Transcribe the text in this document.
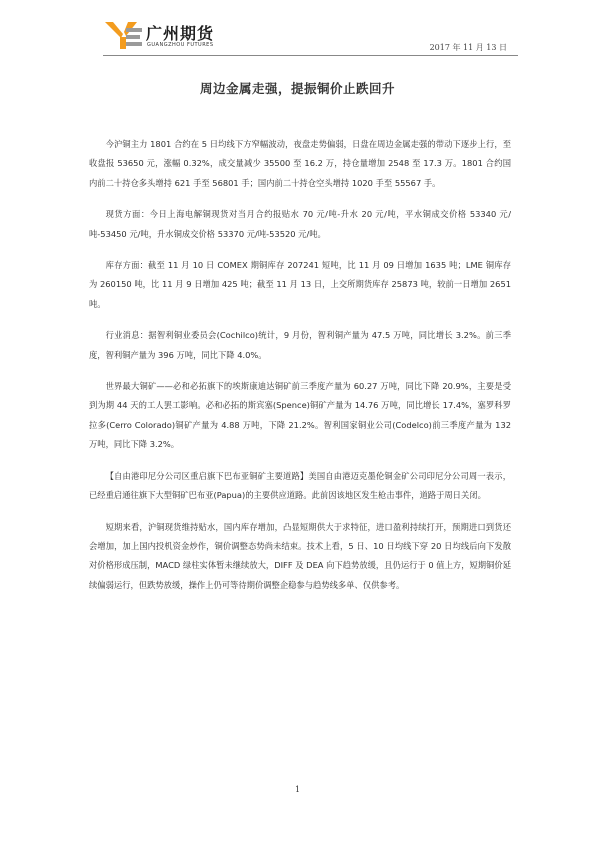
广州期货
GUANGZHOU FUTURES	2017 年 11 月 13 日
周边金属走强，提振铜价止跌回升

今沪铜主力 1801 合约在 5 日均线下方窄幅波动，夜盘走势偏弱，日盘在周边金属走强的带动下逐步上行，至收盘报 53650 元，涨幅 0.32%，成交量减少 35500 至 16.2 万，持仓量增加 2548 至 17.3 万。1801 合约国内前二十持仓多头增持 621 手至 56801 手；国内前二十持仓空头增持 1020 手至 55567 手。

现货方面：今日上海电解铜现货对当月合约报贴水 70 元/吨-升水 20 元/吨，平水铜成交价格 53340 元/吨-53450 元/吨，升水铜成交价格 53370 元/吨-53520 元/吨。

库存方面：截至 11 月 10 日 COMEX 期铜库存 207241 短吨，比 11 月 09 日增加 1635 吨；LME 铜库存为 260150 吨，比 11 月 9 日增加 425 吨；截至 11 月 13 日，上交所期货库存 25873 吨，较前一日增加 2651 吨。

行业消息：据智利铜业委员会(Cochilco)统计，9 月份，智利铜产量为 47.5 万吨，同比增长 3.2%。前三季度，智利铜产量为 396 万吨，同比下降 4.0%。

世界最大铜矿——必和必拓旗下的埃斯康迪达铜矿前三季度产量为 60.27 万吨，同比下降 20.9%，主要是受到为期 44 天的工人罢工影响。必和必拓的斯宾塞(Spence)铜矿产量为 14.76 万吨，同比增长 17.4%，塞罗科罗拉多(Cerro Colorado)铜矿产量为 4.88 万吨，下降 21.2%。智利国家铜业公司(Codelco)前三季度产量为 132 万吨，同比下降 3.2%。

【自由港印尼分公司区重启旗下巴布亚铜矿主要道路】美国自由港迈克墨伦铜金矿公司印尼分公司周一表示，已经重启通往旗下大型铜矿巴布亚(Papua)的主要供应道路。此前因该地区发生枪击事件，道路于周日关闭。

短期来看，沪铜现货维持贴水，国内库存增加，凸显短期供大于求特征，进口盈利持续打开，预期进口到货还会增加，加上国内投机资金炒作，铜价调整态势尚未结束。技术上看，5 日、10 日均线下穿 20 日均线后向下发散对价格形成压制，MACD 绿柱实体暂未继续放大，DIFF 及 DEA 向下趋势放缓，且仍运行于 0 值上方，短期铜价延续偏弱运行，但跌势放缓，操作上仍可等待期价调整企稳参与趋势线多单、仅供参考。

1
